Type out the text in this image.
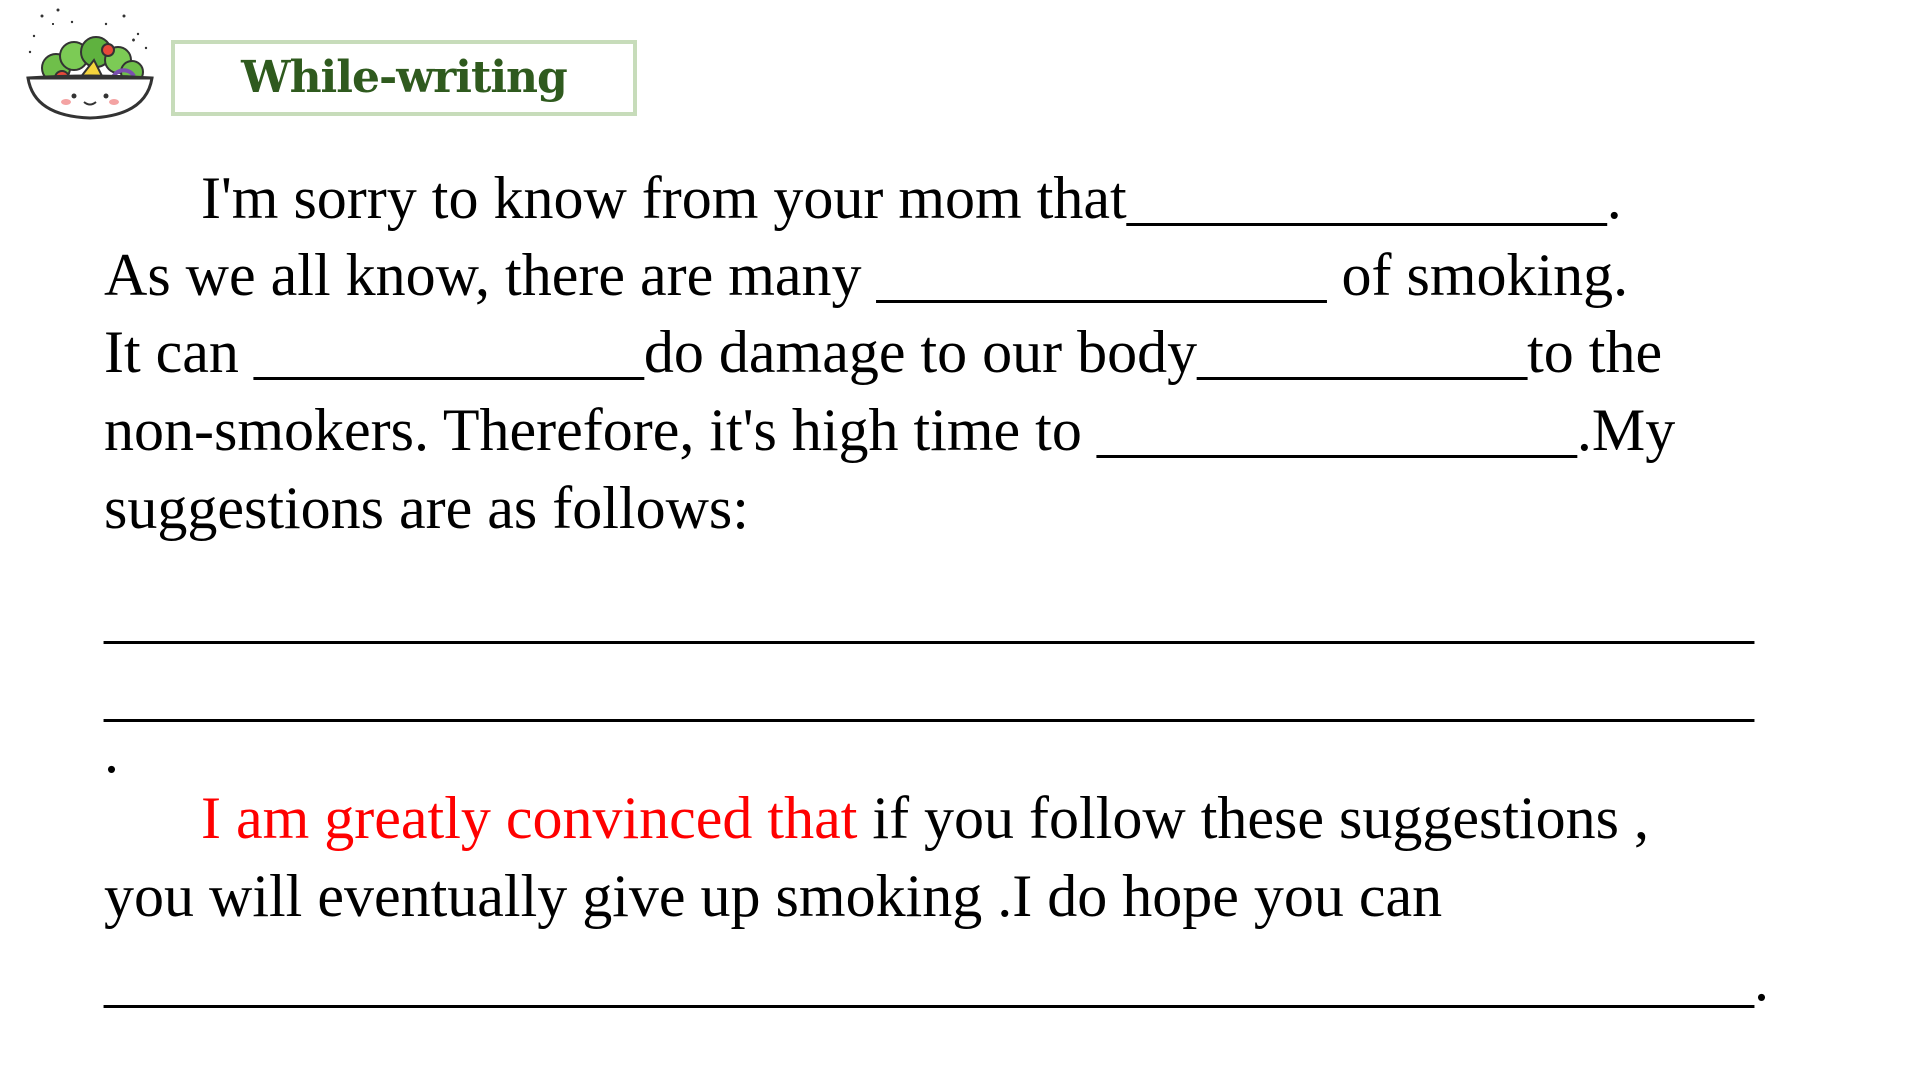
While-writing
I'm sorry to know from your mom that________________.
As we all know, there are many _______________ of smoking.
It can _____________do damage to our body___________to the
non-smokers. Therefore, it's high time to ________________.My
suggestions are as follows:
_______________________________________________________
_______________________________________________________
.
I am greatly convinced that if you follow these suggestions ,
you will eventually give up smoking .I do hope you can
_______________________________________________________.
